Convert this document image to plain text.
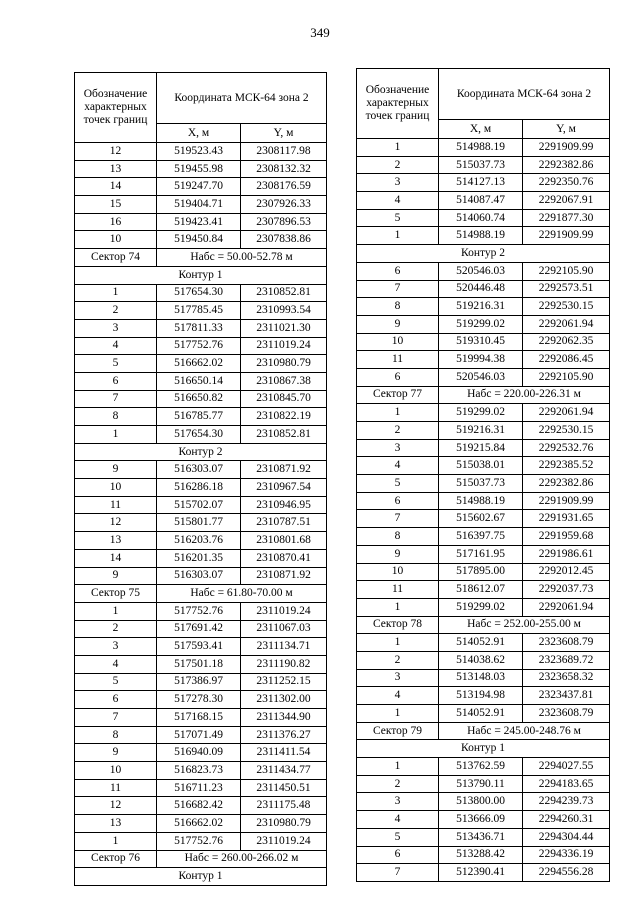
349
Обозначение характерных точек границ	Координата МСК-64 зона 2	
	X, м	Y, м
12	519523.43	2308117.98
13	519455.98	2308132.32
14	519247.70	2308176.59
15	519404.71	2307926.33
16	519423.41	2307896.53
10	519450.84	2307838.86
Сектор 74	Набс = 50.00-52.78 м	
Контур 1		
1	517654.30	2310852.81
2	517785.45	2310993.54
3	517811.33	2311021.30
4	517752.76	2311019.24
5	516662.02	2310980.79
6	516650.14	2310867.38
7	516650.82	2310845.70
8	516785.77	2310822.19
1	517654.30	2310852.81
Контур 2		
9	516303.07	2310871.92
10	516286.18	2310967.54
11	515702.07	2310946.95
12	515801.77	2310787.51
13	516203.76	2310801.68
14	516201.35	2310870.41
9	516303.07	2310871.92
Сектор 75	Набс = 61.80-70.00 м	
1	517752.76	2311019.24
2	517691.42	2311067.03
3	517593.41	2311134.71
4	517501.18	2311190.82
5	517386.97	2311252.15
6	517278.30	2311302.00
7	517168.15	2311344.90
8	517071.49	2311376.27
9	516940.09	2311411.54
10	516823.73	2311434.77
11	516711.23	2311450.51
12	516682.42	2311175.48
13	516662.02	2310980.79
1	517752.76	2311019.24
Сектор 76	Набс = 260.00-266.02 м	
Контур 1		
Обозначение характерных точек границ	Координата МСК-64 зона 2	
	X, м	Y, м
1	514988.19	2291909.99
2	515037.73	2292382.86
3	514127.13	2292350.76
4	514087.47	2292067.91
5	514060.74	2291877.30
1	514988.19	2291909.99
Контур 2		
6	520546.03	2292105.90
7	520446.48	2292573.51
8	519216.31	2292530.15
9	519299.02	2292061.94
10	519310.45	2292062.35
11	519994.38	2292086.45
6	520546.03	2292105.90
Сектор 77	Набс = 220.00-226.31 м	
1	519299.02	2292061.94
2	519216.31	2292530.15
3	519215.84	2292532.76
4	515038.01	2292385.52
5	515037.73	2292382.86
6	514988.19	2291909.99
7	515602.67	2291931.65
8	516397.75	2291959.68
9	517161.95	2291986.61
10	517895.00	2292012.45
11	518612.07	2292037.73
1	519299.02	2292061.94
Сектор 78	Набс = 252.00-255.00 м	
1	514052.91	2323608.79
2	514038.62	2323689.72
3	513148.03	2323658.32
4	513194.98	2323437.81
1	514052.91	2323608.79
Сектор 79	Набс = 245.00-248.76 м	
Контур 1		
1	513762.59	2294027.55
2	513790.11	2294183.65
3	513800.00	2294239.73
4	513666.09	2294260.31
5	513436.71	2294304.44
6	513288.42	2294336.19
7	512390.41	2294556.28
